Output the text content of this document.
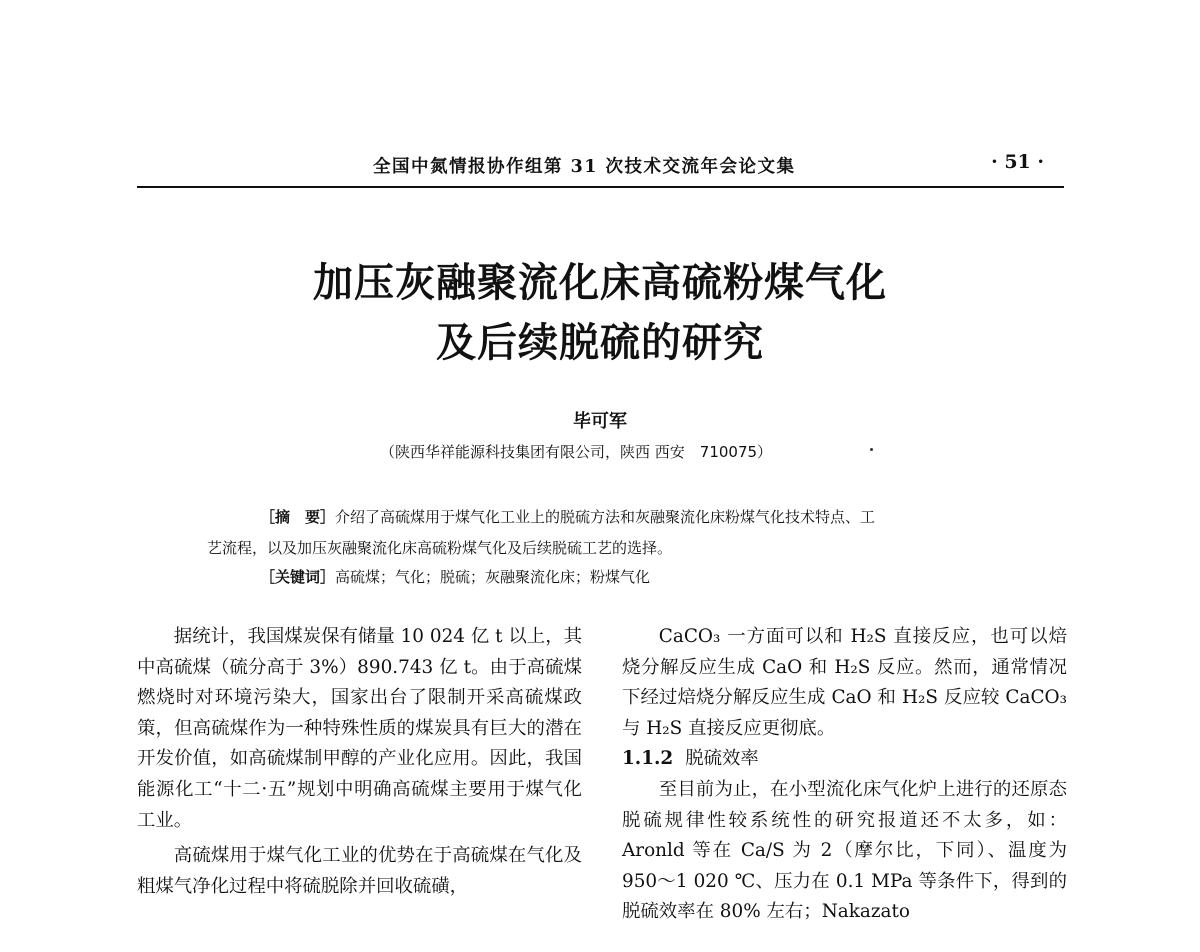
全国中氮情报协作组第 31 次技术交流年会论文集	· 51 ·
加压灰融聚流化床高硫粉煤气化
及后续脱硫的研究
毕可军
（陕西华祥能源科技集团有限公司，陕西 西安　710075）
［摘　要］介绍了高硫煤用于煤气化工业上的脱硫方法和灰融聚流化床粉煤气化技术特点、工
艺流程，以及加压灰融聚流化床高硫粉煤气化及后续脱硫工艺的选择。
［关键词］高硫煤；气化；脱硫；灰融聚流化床；粉煤气化

据统计，我国煤炭保有储量 10 024 亿 t 以上，其中高硫煤（硫分高于 3%）890.743 亿 t。由于高硫煤燃烧时对环境污染大，国家出台了限制开采高硫煤政策，但高硫煤作为一种特殊性质的煤炭具有巨大的潜在开发价值，如高硫煤制甲醇的产业化应用。因此，我国能源化工“十二·五”规划中明确高硫煤主要用于煤气化工业。

高硫煤用于煤气化工业的优势在于高硫煤在气化及粗煤气净化过程中将硫脱除并回收硫磺，

CaCO₃ 一方面可以和 H₂S 直接反应，也可以焙烧分解反应生成 CaO 和 H₂S 反应。然而，通常情况下经过焙烧分解反应生成 CaO 和 H₂S 反应较 CaCO₃ 与 H₂S 直接反应更彻底。

1.1.2 脱硫效率

至目前为止，在小型流化床气化炉上进行的还原态脱硫规律性较系统性的研究报道还不太多，如：Aronld 等在 Ca/S 为 2（摩尔比，下同）、温度为 950～1 020 ℃、压力在 0.1 MPa 等条件下，得到的脱硫效率在 80% 左右；Nakazato
